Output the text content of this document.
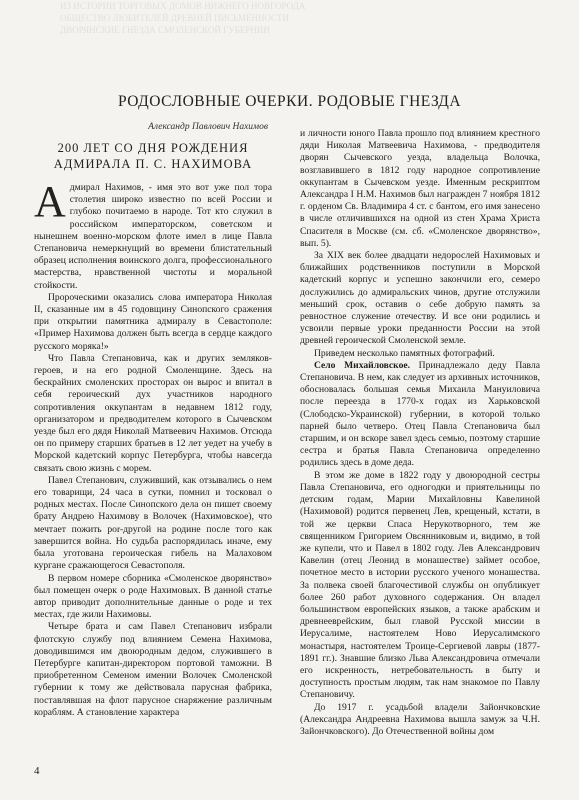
ИЗ ИСТОРИИ ТОРГОВЫХ ДОМОВ НИЖНЕГО НОВГОРОДА
ОБЩЕСТВО ЛЮБИТЕЛЕЙ ДРЕВНЕЙ ПИСЬМЕННОСТИ
ДВОРЯНСКИЕ ГНЕЗДА СМОЛЕНСКОЙ ГУБЕРНИИ
РОДОСЛОВНЫЕ ОЧЕРКИ. РОДОВЫЕ ГНЕЗДА
Александр Павлович Нахимов
200 ЛЕТ СО ДНЯ РОЖДЕНИЯ
АДМИРАЛА П. С. НАХИМОВА

Адмирал Нахимов, - имя это вот уже пол тора столетия широко известно по всей России и глубоко почитаемо в народе. Тот кто служил в российском императорском, советском и нынешнем военно-морском флоте имел в лице Павла Степановича немеркнущий во времени блистательный образец исполнения воинского долга, профессионального мастерства, нравственной чистоты и моральной стойкости.

Пророческими оказались слова императора Николая II, сказанные им в 45 годовщину Синопского сражения при открытии памятника адмиралу в Севастополе: «Пример Нахимова должен быть всегда в сердце каждого русского моряка!»

Что Павла Степановича, как и других земляков-героев, и на его родной Смоленщине. Здесь на бескрайних смоленских просторах он вырос и впитал в себя героический дух участников народного сопротивления оккупантам в недавнем 1812 году, организатором и предводителем которого в Сычевском уезде был его дядя Николай Матвеевич Нахимов. Отсюда он по примеру старших братьев в 12 лет уедет на учебу в Морской кадетский корпус Петербурга, чтобы навсегда связать свою жизнь с морем.

Павел Степанович, служивший, как отзывались о нем его товарищи, 24 часа в сутки, помнил и тосковал о родных местах. После Синопского дела он пишет своему брату Андрею Нахимову в Волочек (Нахимовское), что мечтает пожить por-другой на родине после того как завершится война. Но судьба распорядилась иначе, ему была уготована героическая гибель на Малаховом кургане сражающегося Севастополя.

В первом номере сборника «Смоленское дворянство» был помещен очерк о роде Нахимовых. В данной статье автор приводит дополнительные данные о роде и тех местах, где жили Нахимовы.

Четыре брата и сам Павел Степанович избрали флотскую службу под влиянием Семена Нахимова, доводившимся им двоюродным дедом, служившего в Петербурге капитан-директором портовой таможни. В приобретенном Семеном имении Волочек Смоленской губернии к тому же действовала парусная фабрика, поставлявшая на флот парусное снаряжение различным кораблям. А становление характера

и личности юного Павла прошло под влиянием крестного дяди Николая Матвеевича Нахимова, - предводителя дворян Сычевского уезда, владельца Волочка, возглавившего в 1812 году народное сопротивление оккупантам в Сычевском уезде. Именным рескриптом Александра I Н.М. Нахимов был награжден 7 ноября 1812 г. орденом Св. Владимира 4 ст. с бантом, его имя занесено в числе отличившихся на одной из стен Храма Христа Спасителя в Москве (см. сб. «Смоленское дворянство», вып. 5).

За XIX век более двадцати недорослей Нахимовых и ближайших родственников поступили в Морской кадетский корпус и успешно закончили его, семеро дослужились до адмиральских чинов, другие отслужили меньший срок, оставив о себе добрую память за ревностное служение отечеству. И все они родились и усвоили первые уроки преданности России на этой древней героической Смоленской земле.

Приведем несколько памятных фотографий.

Село Михайловское. Принадлежало деду Павла Степановича. В нем, как следует из архивных источников, обосновалась большая семья Михаила Мануиловича после переезда в 1770-х годах из Харьковской (Слободско-Украинской) губернии, в которой только парней было четверо. Отец Павла Степановича был старшим, и он вскоре завел здесь семью, поэтому старшие сестра и братья Павла Степановича определенно родились здесь в доме деда.

В этом же доме в 1822 году у двоюродной сестры Павла Степановича, его одногодки и приятельницы по детским годам, Марии Михайловны Кавелиной (Нахимовой) родится первенец Лев, крещеный, кстати, в той же церкви Спаса Нерукотворного, тем же священником Григорием Овсянниковым и, видимо, в той же купели, что и Павел в 1802 году. Лев Александрович Кавелин (отец Леонид в монашестве) займет особое, почетное место в истории русского ученого монашества. За полвека своей благочестивой службы он опубликует более 260 работ духовного содержания. Он владел большинством европейских языков, а также арабским и древнееврейским, был главой Русской миссии в Иерусалиме, настоятелем Ново Иерусалимского монастыря, настоятелем Троице-Сергиевой лавры (1877-1891 гг.). Знавшие близко Льва Александровича отмечали его искренность, нетребовательность в быту и доступность простым людям, так нам знакомое по Павлу Степановичу.

До 1917 г. усадьбой владели Зайончковские (Александра Андреевна Нахимова вышла замуж за Ч.Н. Зайончковского). До Отечественной войны дом

4
